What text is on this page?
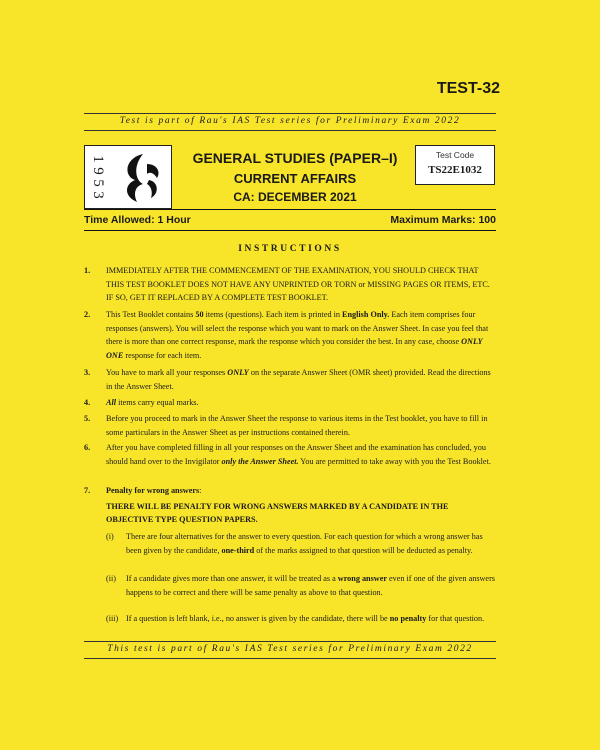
TEST-32
Test is part of Rau's IAS Test series for Preliminary Exam 2022
1
9
5
3
GENERAL STUDIES (PAPER–I)
CURRENT AFFAIRS
CA: DECEMBER 2021
Test Code
TS22E1032
Time Allowed: 1 Hour	Maximum Marks: 100
INSTRUCTIONS
1. IMMEDIATELY AFTER THE COMMENCEMENT OF THE EXAMINATION, YOU SHOULD CHECK THAT THIS TEST BOOKLET DOES NOT HAVE ANY UNPRINTED OR TORN or MISSING PAGES OR ITEMS, ETC. IF SO, GET IT REPLACED BY A COMPLETE TEST BOOKLET.
2. This Test Booklet contains 50 items (questions). Each item is printed in English Only. Each item comprises four responses (answers). You will select the response which you want to mark on the Answer Sheet. In case you feel that there is more than one correct response, mark the response which you consider the best. In any case, choose ONLY ONE response for each item.
3. You have to mark all your responses ONLY on the separate Answer Sheet (OMR sheet) provided. Read the directions in the Answer Sheet.
4. All items carry equal marks.
5. Before you proceed to mark in the Answer Sheet the response to various items in the Test booklet, you have to fill in some particulars in the Answer Sheet as per instructions contained therein.
6. After you have completed filling in all your responses on the Answer Sheet and the examination has concluded, you should hand over to the Invigilator only the Answer Sheet. You are permitted to take away with you the Test Booklet.
7. Penalty for wrong answers:
THERE WILL BE PENALTY FOR WRONG ANSWERS MARKED BY A CANDIDATE IN THE OBJECTIVE TYPE QUESTION PAPERS.
(i) There are four alternatives for the answer to every question. For each question for which a wrong answer has been given by the candidate, one-third of the marks assigned to that question will be deducted as penalty.
(ii) If a candidate gives more than one answer, it will be treated as a wrong answer even if one of the given answers happens to be correct and there will be same penalty as above to that question.
(iii) If a question is left blank, i.e., no answer is given by the candidate, there will be no penalty for that question.
This test is part of Rau's IAS Test series for Preliminary Exam 2022
